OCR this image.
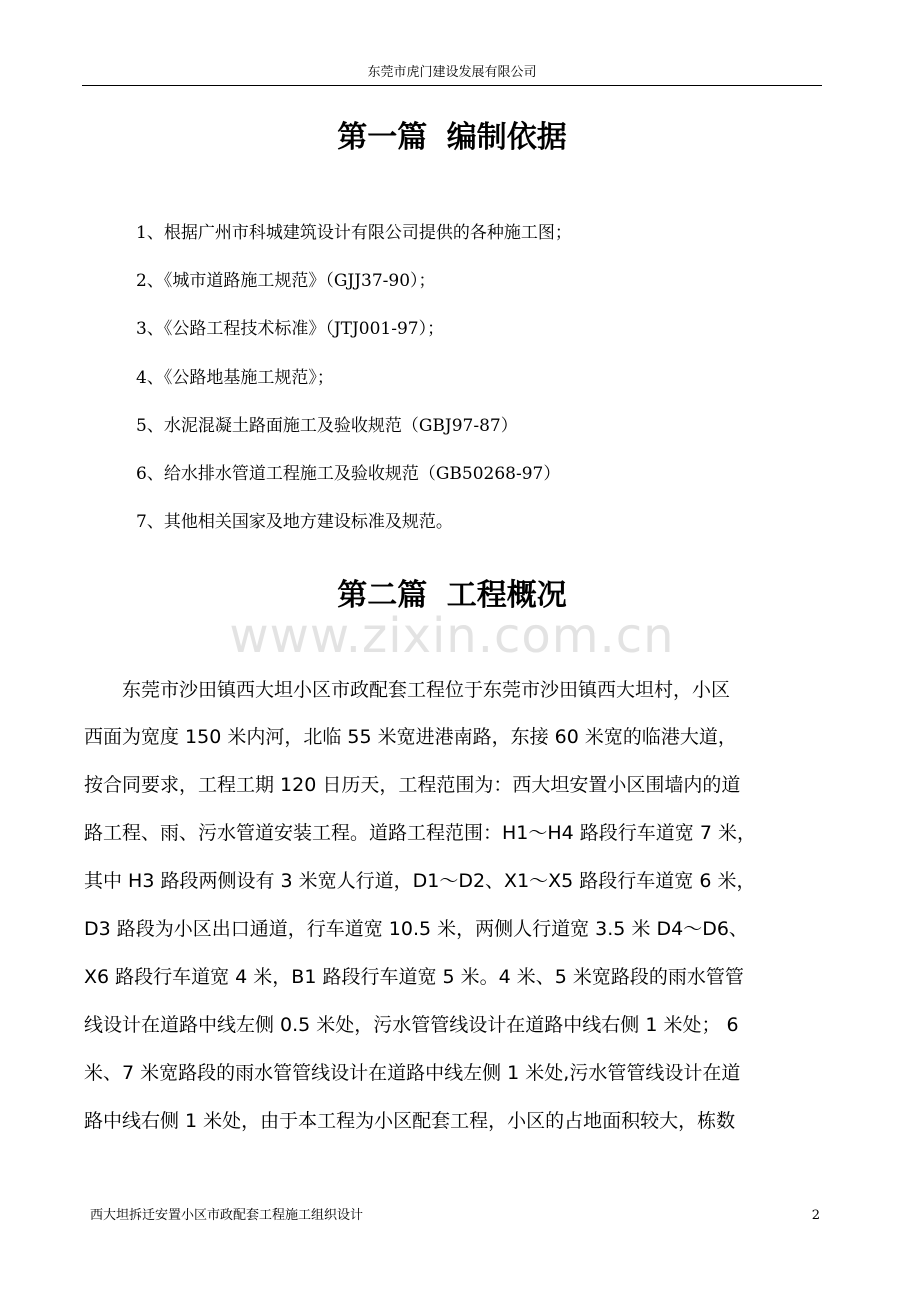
东莞市虎门建设发展有限公司
第一篇 编制依据
1、根据广州市科城建筑设计有限公司提供的各种施工图；
2、《城市道路施工规范》（GJJ37-90）；
3、《公路工程技术标准》（JTJ001-97）；
4、《公路地基施工规范》；
5、水泥混凝土路面施工及验收规范（GBJ97-87）
6、给水排水管道工程施工及验收规范（GB50268-97）
7、其他相关国家及地方建设标准及规范。
第二篇 工程概况
www.zixin.com.cn
　　东莞市沙田镇西大坦小区市政配套工程位于东莞市沙田镇西大坦村，小区
西面为宽度 150 米内河，北临 55 米宽进港南路，东接 60 米宽的临港大道，
按合同要求，工程工期 120 日历天，工程范围为：西大坦安置小区围墙内的道
路工程、雨、污水管道安装工程。道路工程范围：H1～H4 路段行车道宽 7 米，
其中 H3 路段两侧设有 3 米宽人行道，D1～D2、X1～X5 路段行车道宽 6 米，
D3 路段为小区出口通道，行车道宽 10.5 米，两侧人行道宽 3.5 米 D4～D6、
X6 路段行车道宽 4 米，B1 路段行车道宽 5 米。4 米、5 米宽路段的雨水管管
线设计在道路中线左侧 0.5 米处，污水管管线设计在道路中线右侧 1 米处； 6
米、7 米宽路段的雨水管管线设计在道路中线左侧 1 米处,污水管管线设计在道
路中线右侧 1 米处，由于本工程为小区配套工程，小区的占地面积较大，栋数
西大坦拆迁安置小区市政配套工程施工组织设计	2
